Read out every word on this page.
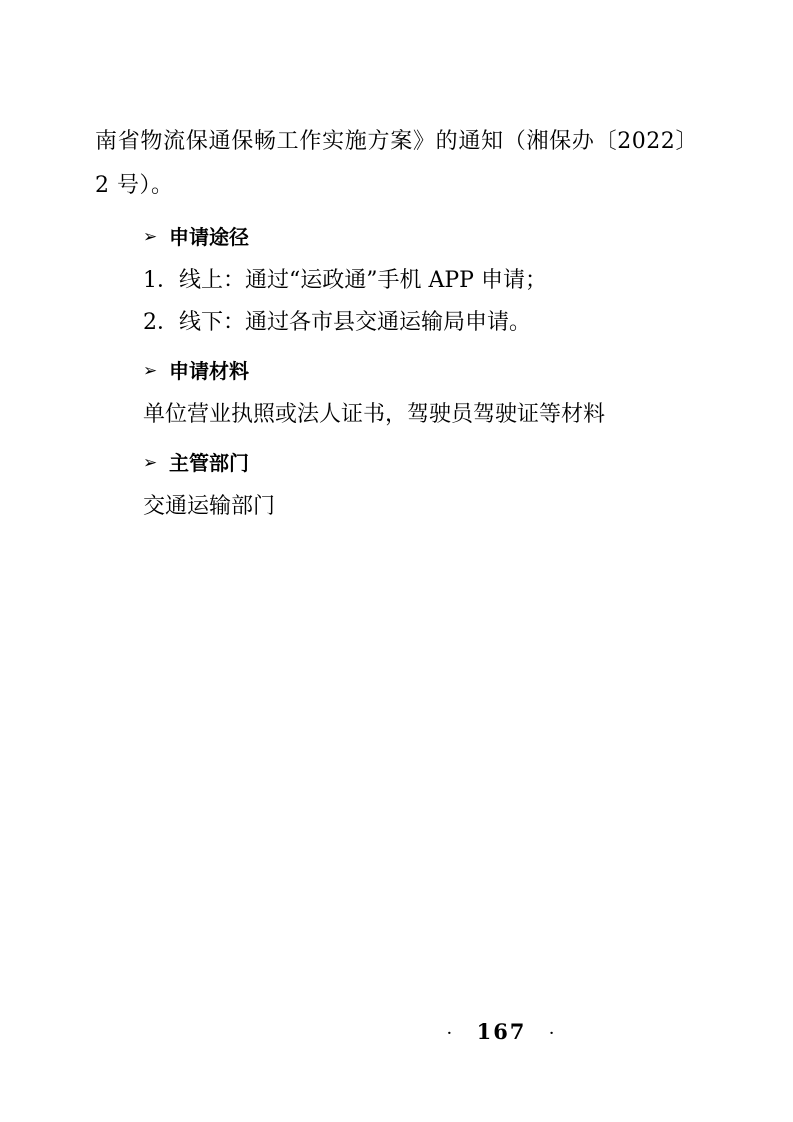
南省物流保通保畅工作实施方案》的通知（湘保办〔2022〕2 号）。

➢ 申请途径

1．线上：通过“运政通”手机 APP 申请；

2．线下：通过各市县交通运输局申请。

➢ 申请材料

单位营业执照或法人证书，驾驶员驾驶证等材料

➢ 主管部门

交通运输部门

· 167 ·
